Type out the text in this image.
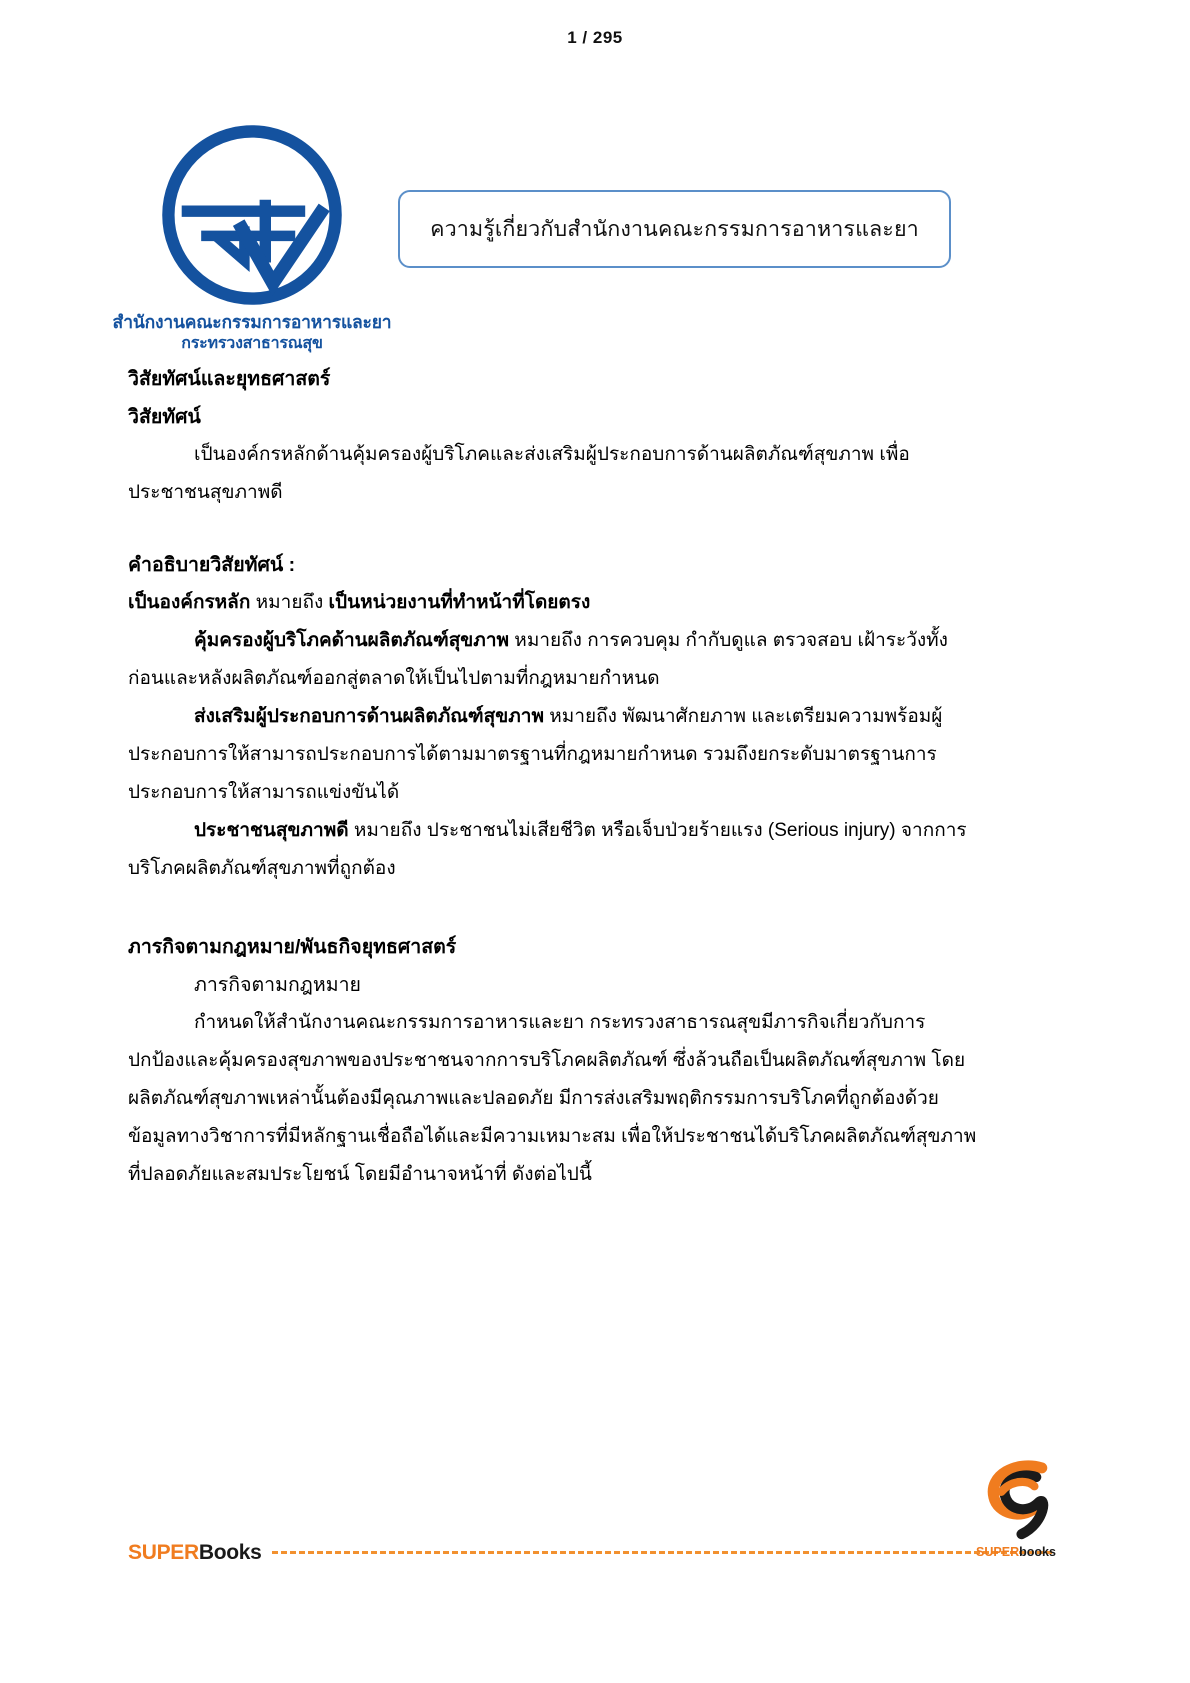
1 / 295
สำนักงานคณะกรรมการอาหารและยา
กระทรวงสาธารณสุข
ความรู้เกี่ยวกับสำนักงานคณะกรรมการอาหารและยา
วิสัยทัศน์และยุทธศาสตร์
วิสัยทัศน์
เป็นองค์กรหลักด้านคุ้มครองผู้บริโภคและส่งเสริมผู้ประกอบการด้านผลิตภัณฑ์สุขภาพ เพื่อประชาชนสุขภาพดี
คำอธิบายวิสัยทัศน์ :
เป็นองค์กรหลัก หมายถึง เป็นหน่วยงานที่ทำหน้าที่โดยตรง
คุ้มครองผู้บริโภคด้านผลิตภัณฑ์สุขภาพ หมายถึง การควบคุม กำกับดูแล ตรวจสอบ เฝ้าระวังทั้งก่อนและหลังผลิตภัณฑ์ออกสู่ตลาดให้เป็นไปตามที่กฎหมายกำหนด
ส่งเสริมผู้ประกอบการด้านผลิตภัณฑ์สุขภาพ หมายถึง พัฒนาศักยภาพ และเตรียมความพร้อมผู้ประกอบการให้สามารถประกอบการได้ตามมาตรฐานที่กฎหมายกำหนด รวมถึงยกระดับมาตรฐานการประกอบการให้สามารถแข่งขันได้
ประชาชนสุขภาพดี หมายถึง ประชาชนไม่เสียชีวิต หรือเจ็บป่วยร้ายแรง (Serious injury) จากการบริโภคผลิตภัณฑ์สุขภาพที่ถูกต้อง
ภารกิจตามกฎหมาย/พันธกิจยุทธศาสตร์
ภารกิจตามกฎหมาย
กำหนดให้สำนักงานคณะกรรมการอาหารและยา กระทรวงสาธารณสุขมีภารกิจเกี่ยวกับการปกป้องและคุ้มครองสุขภาพของประชาชนจากการบริโภคผลิตภัณฑ์ ซึ่งล้วนถือเป็นผลิตภัณฑ์สุขภาพ โดยผลิตภัณฑ์สุขภาพเหล่านั้นต้องมีคุณภาพและปลอดภัย มีการส่งเสริมพฤติกรรมการบริโภคที่ถูกต้องด้วยข้อมูลทางวิชาการที่มีหลักฐานเชื่อถือได้และมีความเหมาะสม เพื่อให้ประชาชนได้บริโภคผลิตภัณฑ์สุขภาพที่ปลอดภัยและสมประโยชน์ โดยมีอำนาจหน้าที่ ดังต่อไปนี้
SUPERBooks	SUPERbooks
